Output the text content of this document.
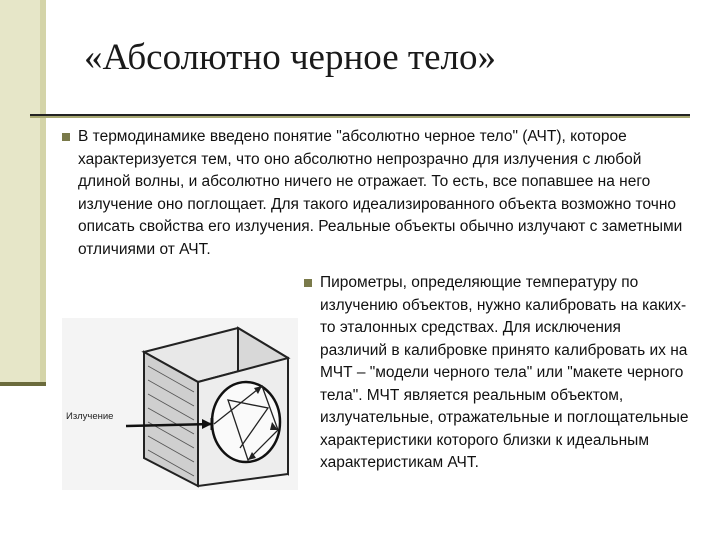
«Абсолютно черное тело»

В термодинамике введено понятие "абсолютно черное тело" (АЧТ), которое характеризуется тем, что оно абсолютно непрозрачно для излучения с любой длиной волны, и абсолютно ничего не отражает. То есть, все попавшее на него излучение оно поглощает. Для такого идеализированного объекта возможно точно описать свойства его излучения. Реальные объекты обычно излучают с заметными отличиями от АЧТ.

Пирометры, определяющие температуру по излучению объектов, нужно калибровать на каких-то эталонных средствах. Для исключения различий в калибровке принято калибровать их на МЧТ – "модели черного тела" или "макете черного тела". МЧТ является реальным объектом, излучательные, отражательные и поглощательные характеристики которого близки к идеальным характеристикам АЧТ.

Излучение
